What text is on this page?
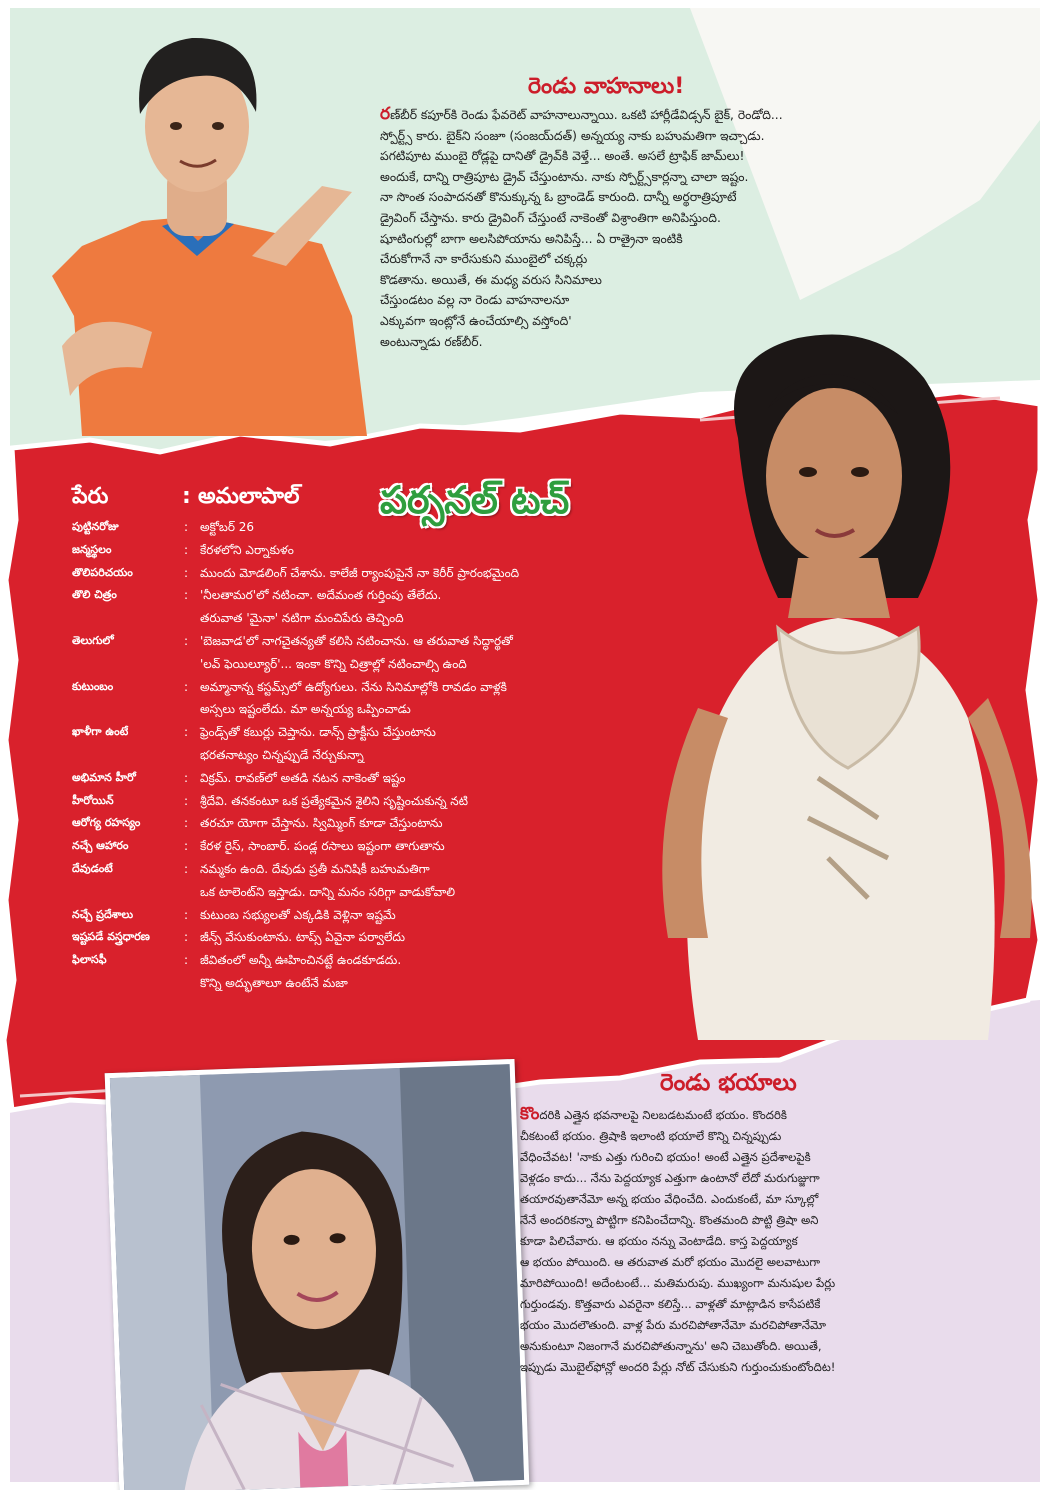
రెండు వాహనాలు!
రణ్‌బీర్‌ కపూర్‌కి రెండు ఫేవరెట్‌ వాహనాలున్నాయి. ఒకటి హార్లీడేవిడ్సన్‌ బైక్‌, రెండోది...
స్పోర్ట్స్‌ కారు. బైక్‌ని సంజూ (సంజయ్‌దత్‌) అన్నయ్య నాకు బహుమతిగా ఇచ్చాడు.
పగటిపూట ముంబై రోడ్లపై దానితో డ్రైవ్‌కి వెళ్తే... అంతే. అసలే ట్రాఫిక్‌ జామ్‌లు!
అందుకే, దాన్ని రాత్రిపూట డ్రైవ్‌ చేస్తుంటాను. నాకు స్పోర్ట్స్‌కార్లన్నా చాలా ఇష్టం.
నా సొంత సంపాదనతో కొనుక్కున్న ఓ బ్రాండెడ్‌ కారుంది. దాన్నీ అర్థరాత్రిపూటే
డ్రైవింగ్‌ చేస్తాను. కారు డ్రైవింగ్‌ చేస్తుంటే నాకెంతో విశ్రాంతిగా అనిపిస్తుంది.
షూటింగుల్లో బాగా అలసిపోయాను అనిపిస్తే... ఏ రాత్రైనా ఇంటికి
చేరుకోగానే నా కారేసుకుని ముంబైలో చక్కర్లు
కొడతాను. అయితే, ఈ మధ్య వరుస సినిమాలు
చేస్తుండటం వల్ల నా రెండు వాహనాలనూ
ఎక్కువగా ఇంట్లోనే ఉంచేయాల్సి వస్తోంది'
అంటున్నాడు రణ్‌బీర్‌.
పర్సనల్‌ టచ్‌
పేరు	: అమలాపాల్‌
పుట్టినరోజు	: అక్టోబర్‌ 26
జన్మస్థలం	: కేరళలోని ఎర్నాకుళం
తొలిపరిచయం	: ముందు మోడలింగ్‌ చేశాను. కాలేజీ ర్యాంపుపైనే నా కెరీర్‌ ప్రారంభమైంది
తొలి చిత్రం	: 'నీలతామర'లో నటించా. అదేమంత గుర్తింపు తేలేదు.
తరువాత 'మైనా' నటిగా మంచిపేరు తెచ్చింది
తెలుగులో	: 'బెజవాడ'లో నాగచైతన్యతో కలిసి నటించాను. ఆ తరువాత సిద్ధార్థతో
'లవ్‌ ఫెయిల్యూర్‌'... ఇంకా కొన్ని చిత్రాల్లో నటించాల్సి ఉంది
కుటుంబం	: అమ్మానాన్న కస్టమ్స్‌లో ఉద్యోగులు. నేను సినిమాల్లోకి రావడం వాళ్లకి
అస్సలు ఇష్టంలేదు. మా అన్నయ్య ఒప్పించాడు
ఖాళీగా ఉంటే	: ఫ్రెండ్స్‌తో కబుర్లు చెప్తాను. డాన్స్‌ ప్రాక్టీసు చేస్తుంటాను
భరతనాట్యం చిన్నప్పుడే నేర్చుకున్నా
అభిమాన హీరో	: విక్రమ్‌. రావణ్‌లో అతడి నటన నాకెంతో ఇష్టం
హీరోయిన్‌	: శ్రీదేవి. తనకంటూ ఒక ప్రత్యేకమైన శైలిని సృష్టించుకున్న నటి
ఆరోగ్య రహస్యం	: తరచూ యోగా చేస్తాను. స్విమ్మింగ్‌ కూడా చేస్తుంటాను
నచ్చే ఆహారం	: కేరళ రైస్‌, సాంబార్‌. పండ్ల రసాలు ఇష్టంగా తాగుతాను
దేవుడంటే	: నమ్మకం ఉంది. దేవుడు ప్రతీ మనిషికీ బహుమతిగా
ఒక టాలెంట్‌ని ఇస్తాడు. దాన్ని మనం సరిగ్గా వాడుకోవాలి
నచ్చే ప్రదేశాలు	: కుటుంబ సభ్యులతో ఎక్కడికి వెళ్లినా ఇష్టమే
ఇష్టపడే వస్త్రధారణ	: జీన్స్‌ వేసుకుంటాను. టాప్స్‌ ఏవైనా పర్వాలేదు
ఫిలాసఫీ	: జీవితంలో అన్నీ ఊహించినట్టే ఉండకూడదు.
కొన్ని అద్భుతాలూ ఉంటేనే మజా
రెండు భయాలు
కొందరికి ఎత్తైన భవనాలపై నిలబడటమంటే భయం. కొందరికి
చీకటంటే భయం. త్రిషాకి ఇలాంటి భయాలే కొన్ని చిన్నప్పుడు
వేధించేవట! 'నాకు ఎత్తు గురించి భయం! అంటే ఎత్తైన ప్రదేశాలపైకి
వెళ్లడం కాదు... నేను పెద్దయ్యాక ఎత్తుగా ఉంటానో లేదో మరుగుజ్జుగా
తయారవుతానేమో అన్న భయం వేధించేది. ఎందుకంటే, మా స్కూల్లో
నేనే అందరికన్నా పొట్టిగా కనిపించేదాన్ని. కొంతమంది పొట్టి త్రిషా అని
కూడా పిలిచేవారు. ఆ భయం నన్ను వెంటాడేది. కాస్త పెద్దయ్యాక
ఆ భయం పోయింది. ఆ తరువాత మరో భయం మొదలై అలవాటుగా
మారిపోయింది! అదేంటంటే... మతిమరుపు. ముఖ్యంగా మనుషుల పేర్లు
గుర్తుండవు. కొత్తవారు ఎవరైనా కలిస్తే... వాళ్లతో మాట్లాడిన కాసేపటికే
భయం మొదలౌతుంది. వాళ్ల పేరు మరచిపోతానేమో మరచిపోతానేమో
అనుకుంటూ నిజంగానే మరచిపోతున్నాను' అని చెబుతోంది. అయితే,
ఇప్పుడు మొబైల్‌ఫోన్లో అందరి పేర్లు నోట్‌ చేసుకుని గుర్తుంచుకుంటోందిట!
